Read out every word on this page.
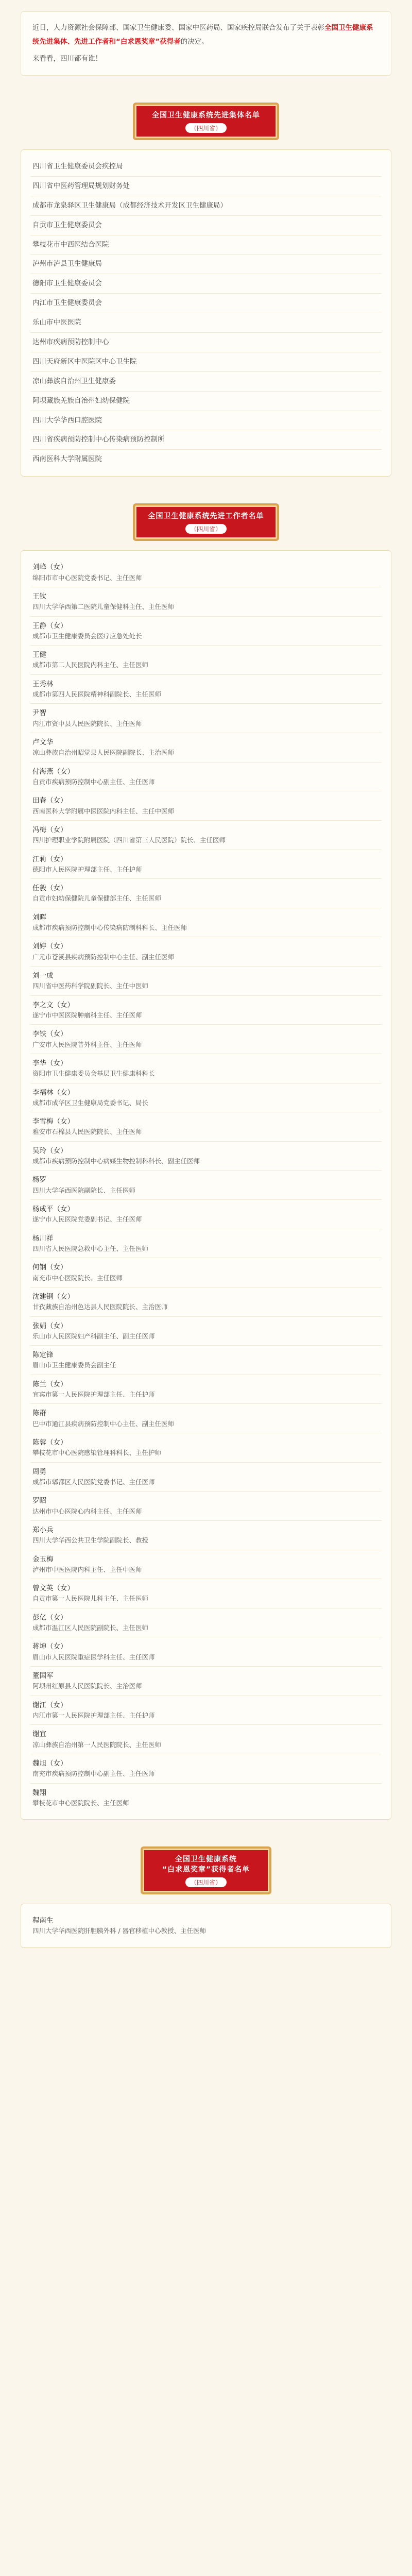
近日，人力资源社会保障部、国家卫生健康委、国家中医药局、国家疾控局联合发布了关于表彰全国卫生健康系统先进集体、先进工作者和“白求恩奖章”获得者的决定。
来看看，四川都有谁！
全国卫生健康系统先进集体名单
（四川省）
四川省卫生健康委员会疾控局
四川省中医药管理局规划财务处
成都市龙泉驿区卫生健康局（成都经济技术开发区卫生健康局）
自贡市卫生健康委员会
攀枝花市中西医结合医院
泸州市泸县卫生健康局
德阳市卫生健康委员会
内江市卫生健康委员会
乐山市中医医院
达州市疾病预防控制中心
四川天府新区中医院区中心卫生院
凉山彝族自治州卫生健康委
阿坝藏族羌族自治州妇幼保健院
四川大学华西口腔医院
四川省疾病预防控制中心传染病预防控制所
西南医科大学附属医院
全国卫生健康系统先进工作者名单
（四川省）
刘峰（女）
绵阳市市中心医院党委书记、主任医师
王钦
四川大学华西第二医院儿童保健科主任、主任医师
王静（女）
成都市卫生健康委员会医疗应急处处长
王健
成都市第二人民医院内科主任、主任医师
王秀林
成都市第四人民医院精神科副院长、主任医师
尹智
内江市资中县人民医院院长、主任医师
卢文华
凉山彝族自治州昭觉县人民医院副院长、主治医师
付海燕（女）
自贡市疾病预防控制中心副主任、主任医师
田春（女）
西南医科大学附属中医医院内科主任、主任中医师
冯梅（女）
四川护理职业学院附属医院（四川省第三人民医院）院长、主任医师
江莉（女）
德阳市人民医院护理部主任、主任护师
任毅（女）
自贡市妇幼保健院儿童保健部主任、主任医师
刘晖
成都市疾病预防控制中心传染病防制科科长、主任医师
刘婷（女）
广元市苍溪县疾病预防控制中心主任、副主任医师
刘一成
四川省中医药科学院副院长、主任中医师
李之文（女）
遂宁市中医医院肿瘤科主任、主任医师
李铁（女）
广安市人民医院普外科主任、主任医师
李华（女）
资阳市卫生健康委员会基层卫生健康科科长
李福林（女）
成都市成华区卫生健康局党委书记、局长
李雪梅（女）
雅安市石棉县人民医院院长、主任医师
吴玲（女）
成都市疾病预防控制中心病媒生物控制科科长、副主任医师
杨罗
四川大学华西医院副院长、主任医师
杨成平（女）
遂宁市人民医院党委副书记、主任医师
杨川祥
四川省人民医院急救中心主任、主任医师
何钢（女）
南充市中心医院院长、主任医师
沈建钢（女）
甘孜藏族自治州色达县人民医院院长、主治医师
张娟（女）
乐山市人民医院妇产科副主任、副主任医师
陈定锋
眉山市卫生健康委员会副主任
陈兰（女）
宜宾市第一人民医院护理部主任、主任护师
陈群
巴中市通江县疾病预防控制中心主任、副主任医师
陈蓉（女）
攀枝花市中心医院感染管理科科长、主任护师
周勇
成都市郫都区人民医院党委书记、主任医师
罗昭
达州市中心医院心内科主任、主任医师
郑小兵
四川大学华西公共卫生学院副院长、教授
金玉梅
泸州市中医医院内科主任、主任中医师
曾文英（女）
自贡市第一人民医院儿科主任、主任医师
彭亿（女）
成都市温江区人民医院副院长、主任医师
蒋坤（女）
眉山市人民医院重症医学科主任、主任医师
董国军
阿坝州红原县人民医院院长、主治医师
谢江（女）
内江市第一人民医院护理部主任、主任护师
谢宜
凉山彝族自治州第一人民医院院长、主任医师
魏旭（女）
南充市疾病预防控制中心副主任、主任医师
魏翔
攀枝花市中心医院院长、主任医师
全国卫生健康系统
“白求恩奖章”获得者名单
（四川省）
程南生
四川大学华西医院肝胆胰外科 / 器官移植中心教授、主任医师
